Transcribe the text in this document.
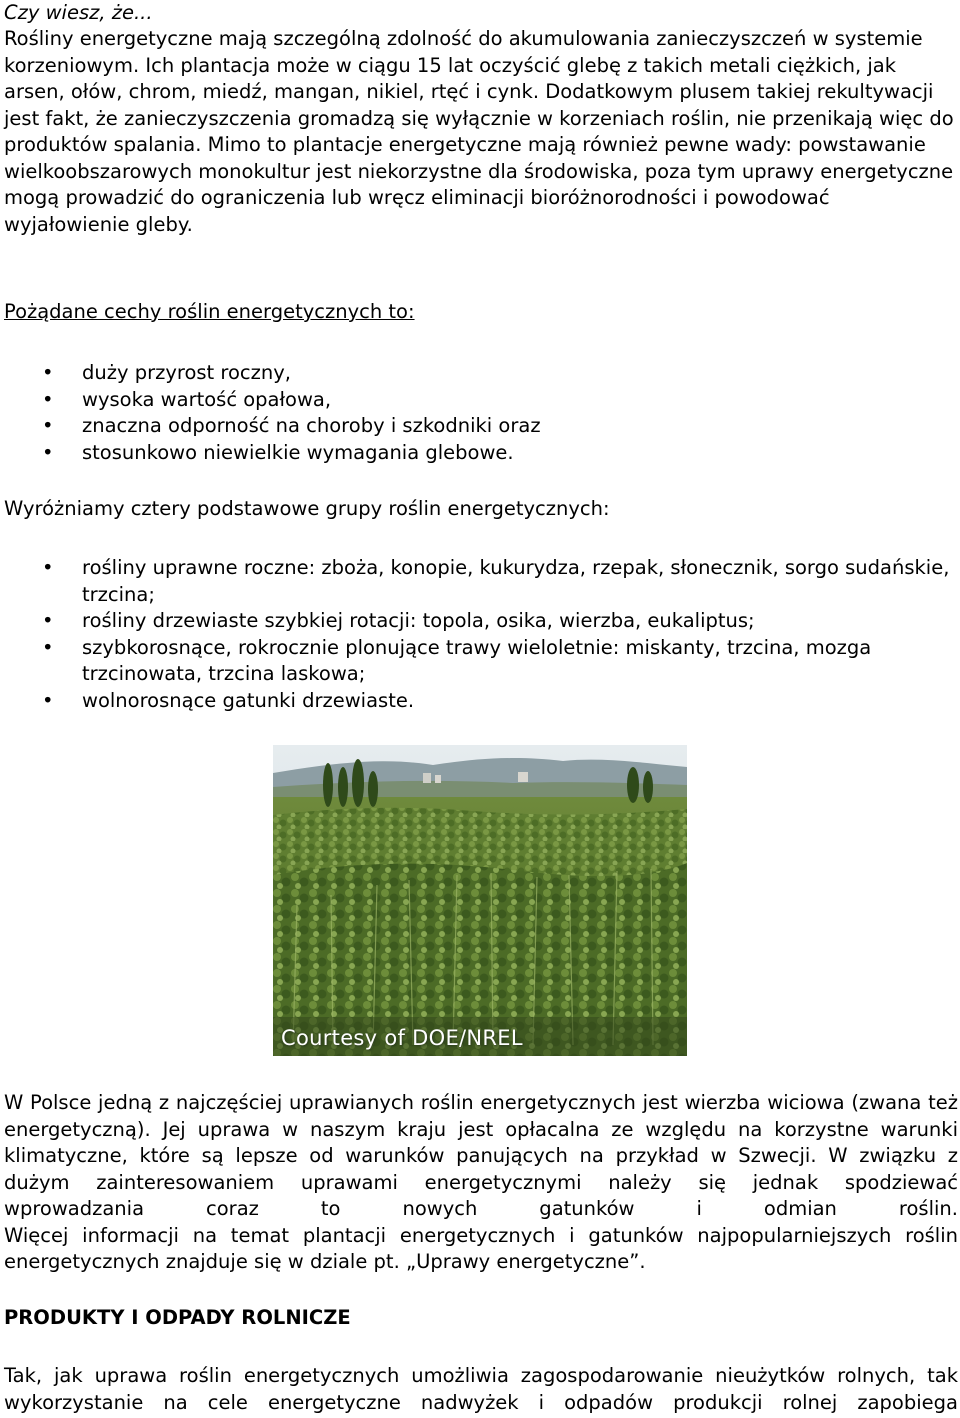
Czy wiesz, że...
Rośliny energetyczne mają szczególną zdolność do akumulowania zanieczyszczeń w systemie korzeniowym. Ich plantacja może w ciągu 15 lat oczyścić glebę z takich metali ciężkich, jak arsen, ołów, chrom, miedź, mangan, nikiel, rtęć i cynk. Dodatkowym plusem takiej rekultywacji jest fakt, że zanieczyszczenia gromadzą się wyłącznie w korzeniach roślin, nie przenikają więc do produktów spalania. Mimo to plantacje energetyczne mają również pewne wady: powstawanie wielkoobszarowych monokultur jest niekorzystne dla środowiska, poza tym uprawy energetyczne mogą prowadzić do ograniczenia lub wręcz eliminacji bioróżnorodności i powodować wyjałowienie gleby.
Pożądane cechy roślin energetycznych to:
• duży przyrost roczny,
• wysoka wartość opałowa,
• znaczna odporność na choroby i szkodniki oraz
• stosunkowo niewielkie wymagania glebowe.
Wyróżniamy cztery podstawowe grupy roślin energetycznych:
• rośliny uprawne roczne: zboża, konopie, kukurydza, rzepak, słonecznik, sorgo sudańskie, trzcina;
• rośliny drzewiaste szybkiej rotacji: topola, osika, wierzba, eukaliptus;
• szybkorosnące, rokrocznie plonujące trawy wieloletnie: miskanty, trzcina, mozga trzcinowata, trzcina laskowa;
• wolnorosnące gatunki drzewiaste.
Courtesy of DOE/NREL
W Polsce jedną z najczęściej uprawianych roślin energetycznych jest wierzba wiciowa (zwana też energetyczną). Jej uprawa w naszym kraju jest opłacalna ze względu na korzystne warunki klimatyczne, które są lepsze od warunków panujących na przykład w Szwecji. W związku z dużym zainteresowaniem uprawami energetycznymi należy się jednak spodziewać wprowadzania coraz to nowych gatunków i odmian roślin.
Więcej informacji na temat plantacji energetycznych i gatunków najpopularniejszych roślin energetycznych znajduje się w dziale pt. „Uprawy energetyczne”.
PRODUKTY I ODPADY ROLNICZE
Tak, jak uprawa roślin energetycznych umożliwia zagospodarowanie nieużytków rolnych, tak
wykorzystanie na cele energetyczne nadwyżek i odpadów produkcji rolnej zapobiega
